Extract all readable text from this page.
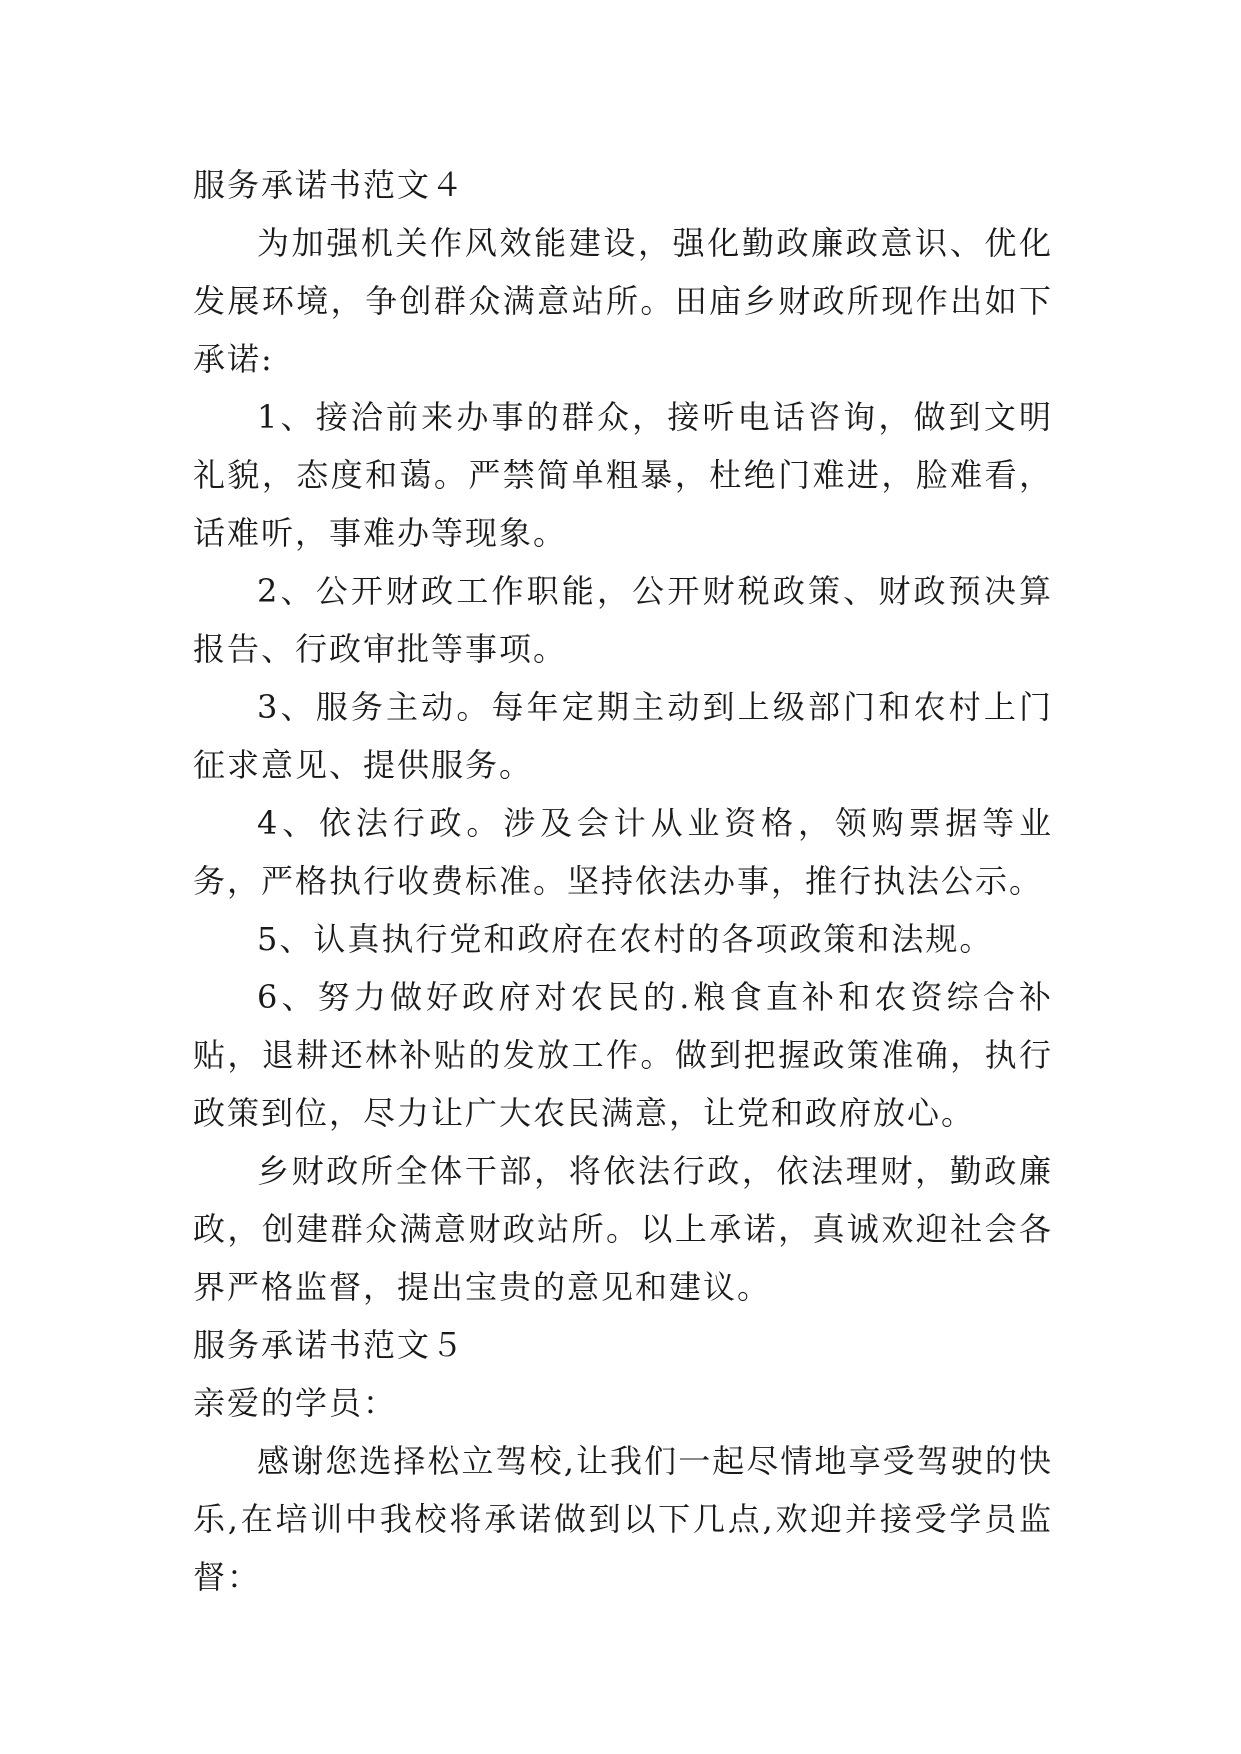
服务承诺书范文４

为加强机关作风效能建设，强化勤政廉政意识、优化发展环境，争创群众满意站所。田庙乡财政所现作出如下承诺:

1、接洽前来办事的群众，接听电话咨询，做到文明礼貌，态度和蔼。严禁简单粗暴，杜绝门难进，脸难看，话难听，事难办等现象。

2、公开财政工作职能，公开财税政策、财政预决算报告、行政审批等事项。

3、服务主动。每年定期主动到上级部门和农村上门征求意见、提供服务。

4、依法行政。涉及会计从业资格，领购票据等业务，严格执行收费标准。坚持依法办事，推行执法公示。

5、认真执行党和政府在农村的各项政策和法规。

6、努力做好政府对农民的.粮食直补和农资综合补贴，退耕还林补贴的发放工作。做到把握政策准确，执行政策到位，尽力让广大农民满意，让党和政府放心。

乡财政所全体干部，将依法行政，依法理财，勤政廉政，创建群众满意财政站所。以上承诺，真诚欢迎社会各界严格监督，提出宝贵的意见和建议。

服务承诺书范文５

亲爱的学员：

感谢您选择松立驾校,让我们一起尽情地享受驾驶的快乐,在培训中我校将承诺做到以下几点,欢迎并接受学员监督：
